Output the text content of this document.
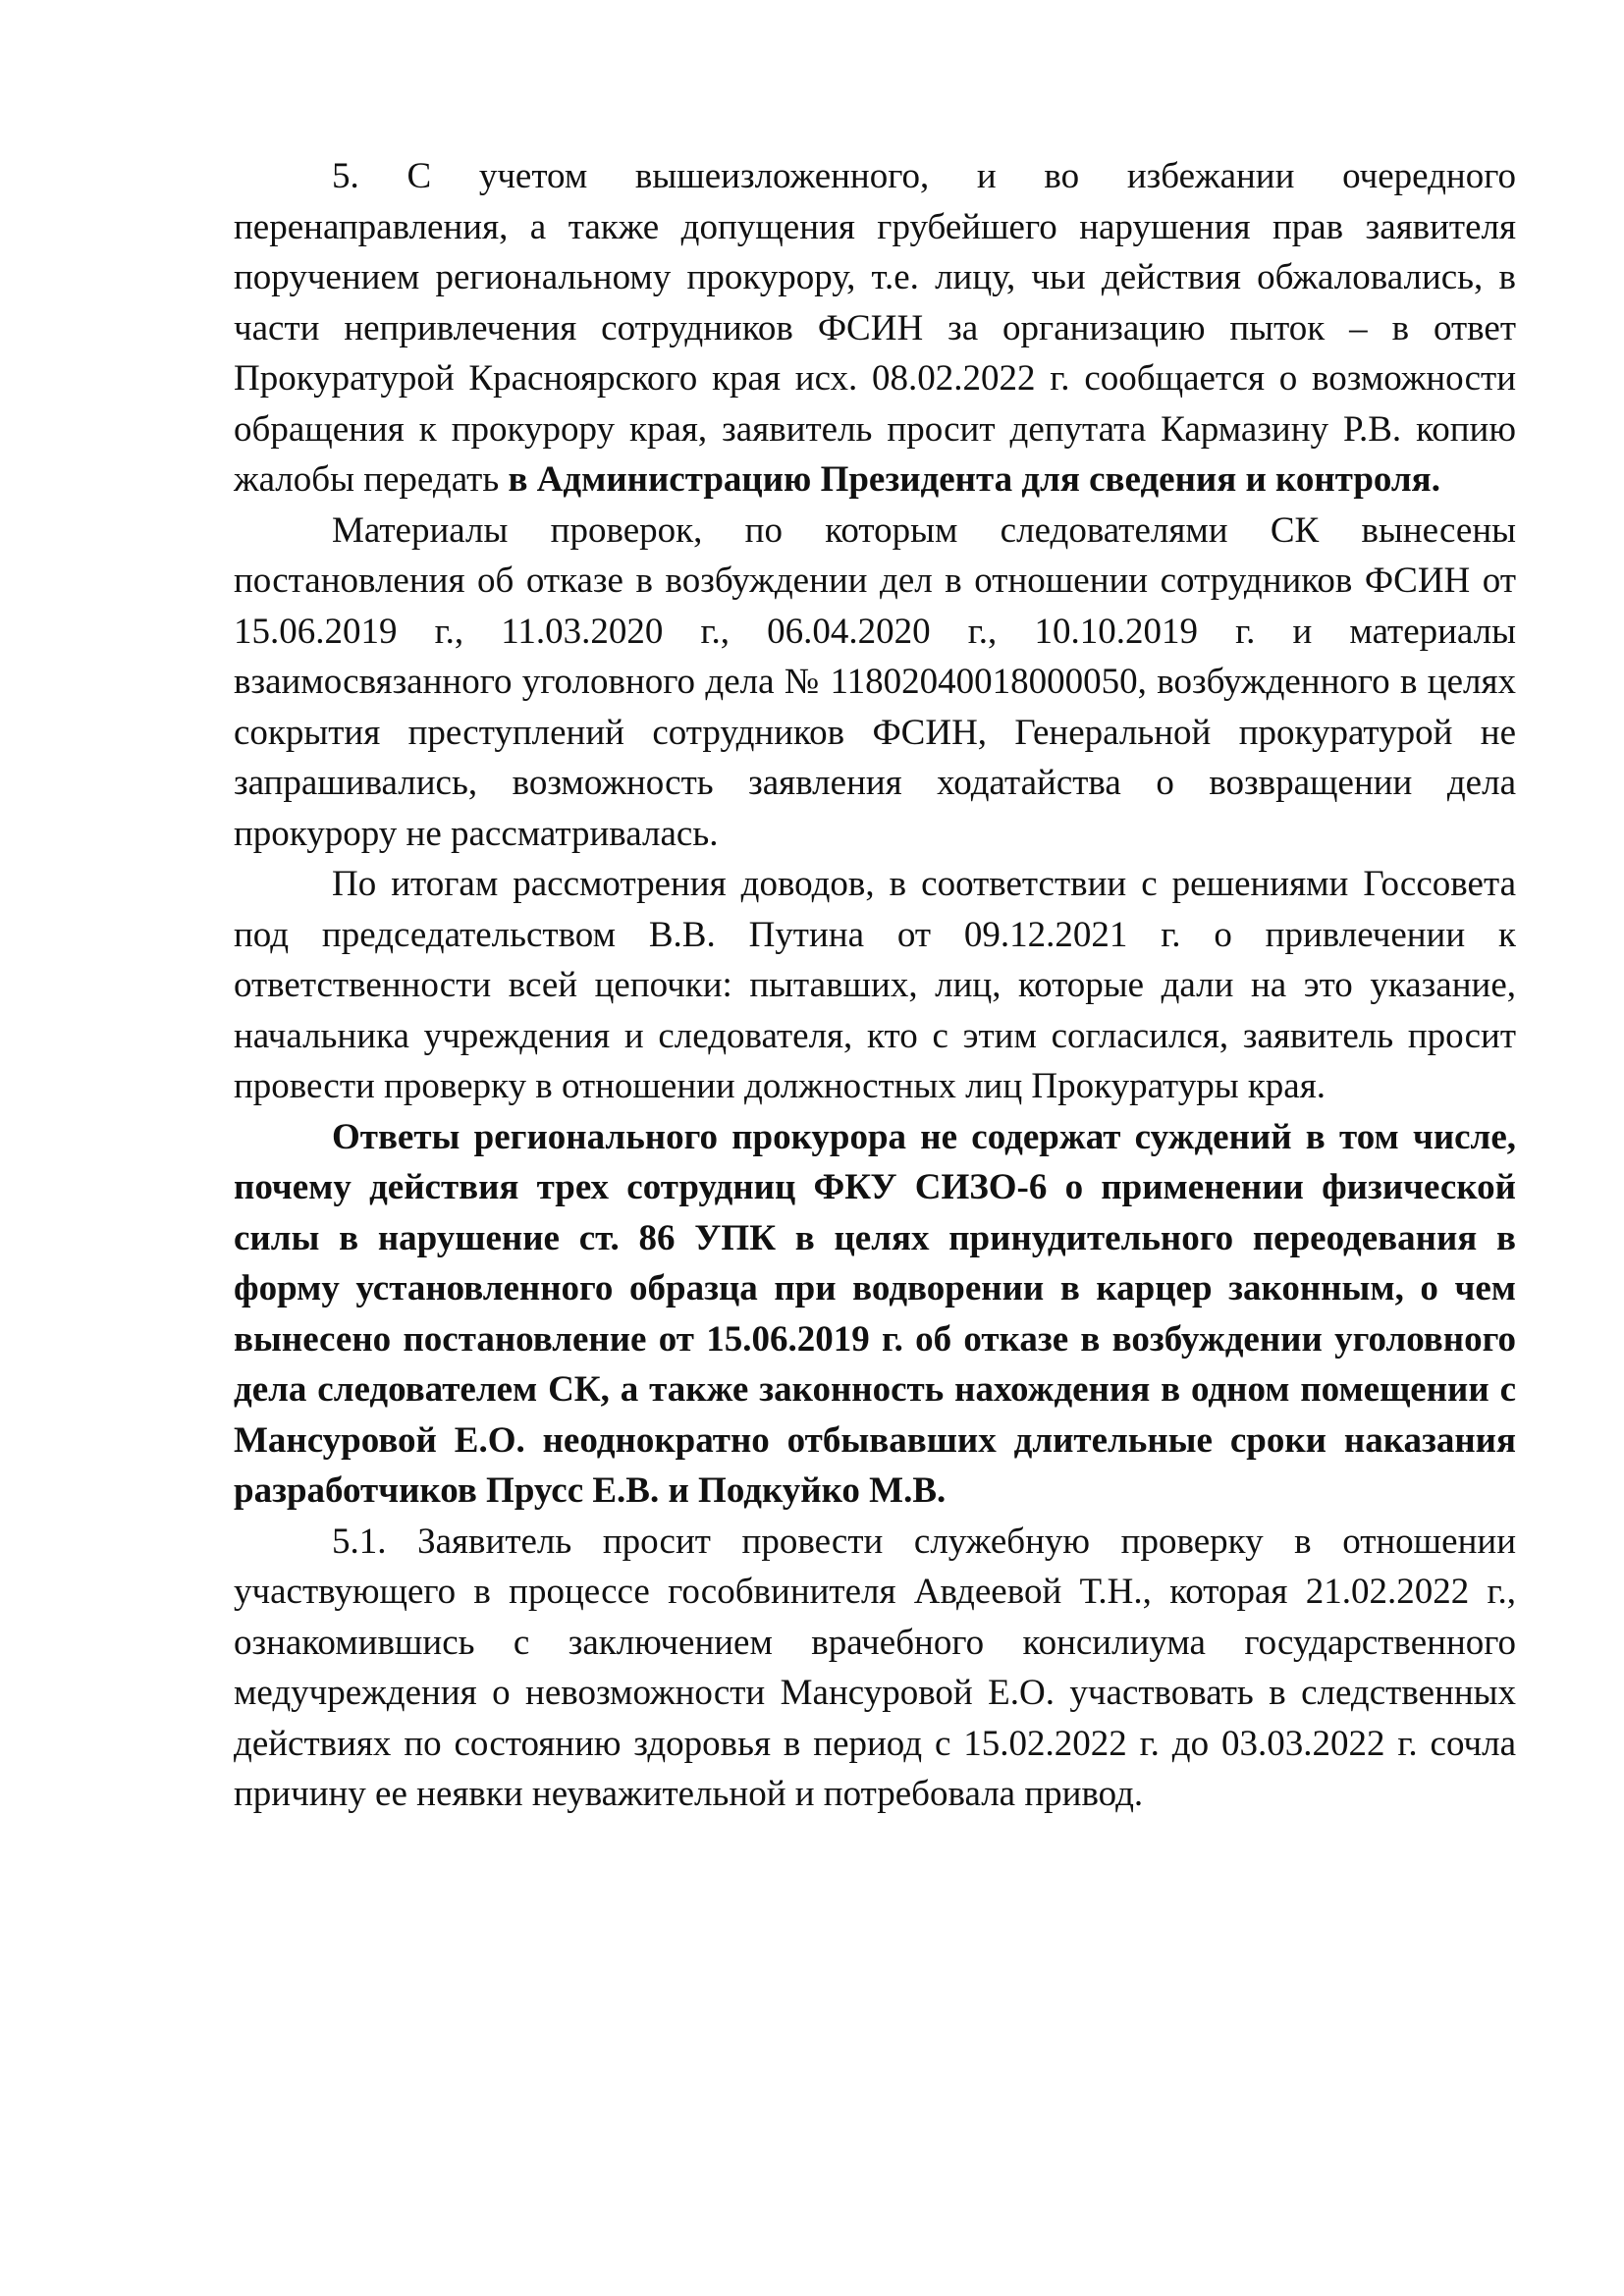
5. С учетом вышеизложенного, и во избежании очередного перенаправления, а также допущения грубейшего нарушения прав заявителя поручением региональному прокурору, т.е. лицу, чьи действия обжаловались, в части непривлечения сотрудников ФСИН за организацию пыток – в ответ Прокуратурой Красноярского края исх. 08.02.2022 г. сообщается о возможности обращения к прокурору края, заявитель просит депутата Кармазину Р.В. копию жалобы передать в Администрацию Президента для сведения и контроля.

Материалы проверок, по которым следователями СК вынесены постановления об отказе в возбуждении дел в отношении сотрудников ФСИН от 15.06.2019 г., 11.03.2020 г., 06.04.2020 г., 10.10.2019 г. и материалы взаимосвязанного уголовного дела № 11802040018000050, возбужденного в целях сокрытия преступлений сотрудников ФСИН, Генеральной прокуратурой не запрашивались, возможность заявления ходатайства о возвращении дела прокурору не рассматривалась.

По итогам рассмотрения доводов, в соответствии с решениями Госсовета под председательством В.В. Путина от 09.12.2021 г. о привлечении к ответственности всей цепочки: пытавших, лиц, которые дали на это указание, начальника учреждения и следователя, кто с этим согласился, заявитель просит провести проверку в отношении должностных лиц Прокуратуры края.

Ответы регионального прокурора не содержат суждений в том числе, почему действия трех сотрудниц ФКУ СИЗО-6 о применении физической силы в нарушение ст. 86 УПК в целях принудительного переодевания в форму установленного образца при водворении в карцер законным, о чем вынесено постановление от 15.06.2019 г. об отказе в возбуждении уголовного дела следователем СК, а также законность нахождения в одном помещении с Мансуровой Е.О. неоднократно отбывавших длительные сроки наказания разработчиков Прусс Е.В. и Подкуйко М.В.

5.1. Заявитель просит провести служебную проверку в отношении участвующего в процессе гособвинителя Авдеевой Т.Н., которая 21.02.2022 г., ознакомившись с заключением врачебного консилиума государственного медучреждения о невозможности Мансуровой Е.О. участвовать в следственных действиях по состоянию здоровья в период с 15.02.2022 г. до 03.03.2022 г. сочла причину ее неявки неуважительной и потребовала привод.
